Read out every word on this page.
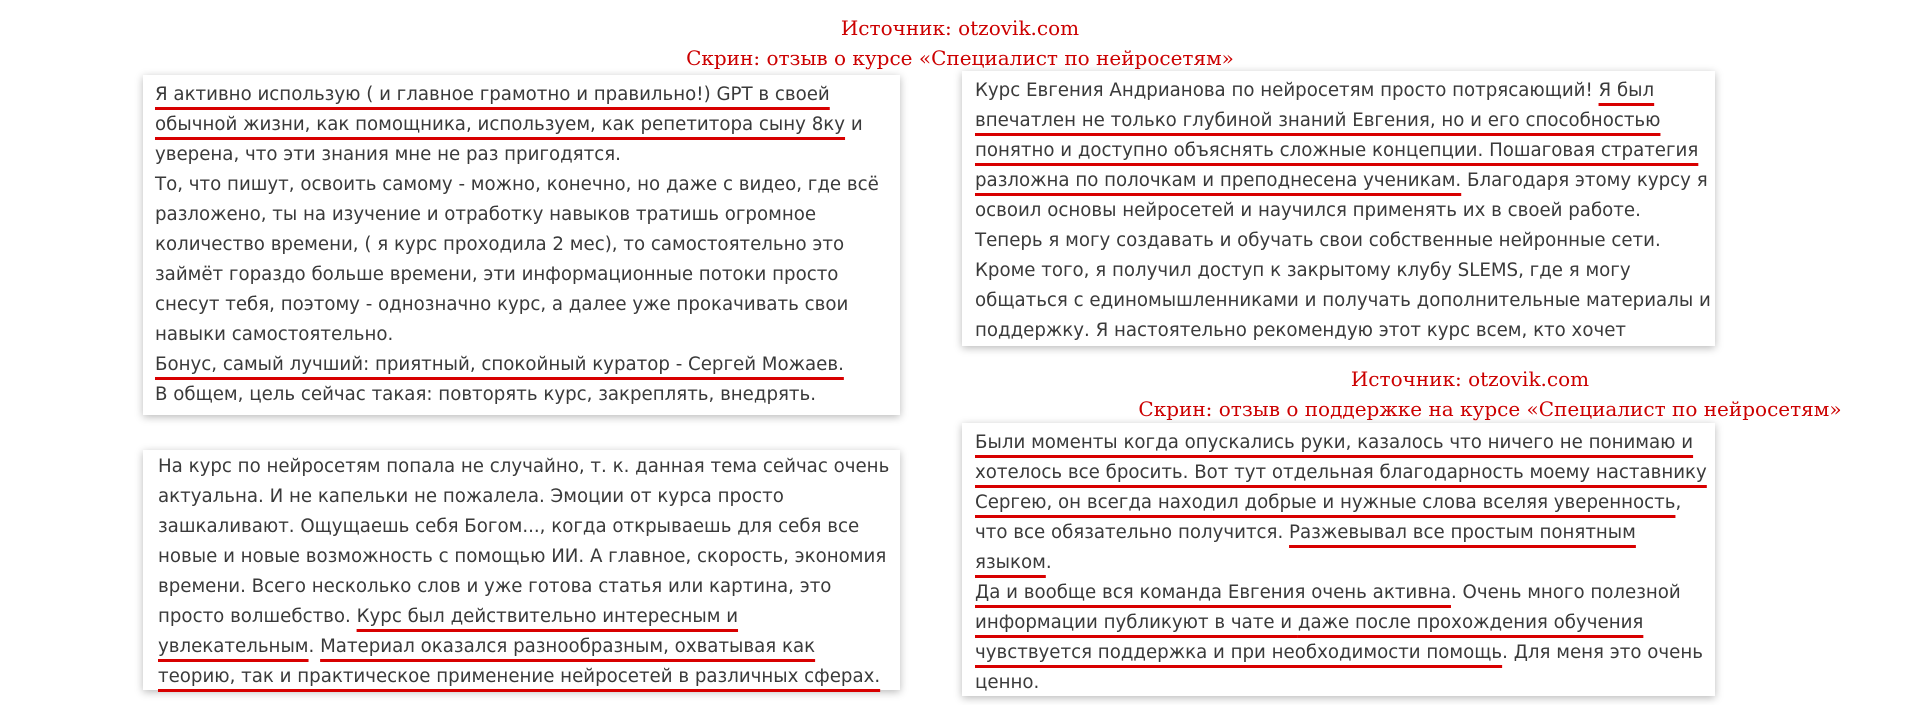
Источник: otzovik.com
Скрин: отзыв о курсе «Специалист по нейросетям»
Источник: otzovik.com
Скрин: отзыв о поддержке на курсе «Специалист по нейросетям»

Я активно использую ( и главное грамотно и правильно!) GPT в своей

обычной жизни, как помощника, используем, как репетитора сыну 8ку и

уверена, что эти знания мне не раз пригодятся.

То, что пишут, освоить самому - можно, конечно, но даже с видео, где всё

разложено, ты на изучение и отработку навыков тратишь огромное

количество времени, ( я курс проходила 2 мес), то самостоятельно это

займёт гораздо больше времени, эти информационные потоки просто

снесут тебя, поэтому - однозначно курс, а далее уже прокачивать свои

навыки самостоятельно.

Бонус, самый лучший: приятный, спокойный куратор - Сергей Можаев.

В общем, цель сейчас такая: повторять курс, закреплять, внедрять.

На курс по нейросетям попала не случайно, т. к. данная тема сейчас очень

актуальна. И не капельки не пожалела. Эмоции от курса просто

зашкаливают. Ощущаешь себя Богом..., когда открываешь для себя все

новые и новые возможность с помощью ИИ. А главное, скорость, экономия

времени. Всего несколько слов и уже готова статья или картина, это

просто волшебство. Курс был действительно интересным и

увлекательным. Материал оказался разнообразным, охватывая как

теорию, так и практическое применение нейросетей в различных сферах.

Курс Евгения Андрианова по нейросетям просто потрясающий! Я был

впечатлен не только глубиной знаний Евгения, но и его способностью

понятно и доступно объяснять сложные концепции. Пошаговая стратегия

разложна по полочкам и преподнесена ученикам. Благодаря этому курсу я

освоил основы нейросетей и научился применять их в своей работе.

Теперь я могу создавать и обучать свои собственные нейронные сети.

Кроме того, я получил доступ к закрытому клубу SLEMS, где я могу

общаться с единомышленниками и получать дополнительные материалы и

поддержку. Я настоятельно рекомендую этот курс всем, кто хочет

Были моменты когда опускались руки, казалось что ничего не понимаю и

хотелось все бросить. Вот тут отдельная благодарность моему наставнику

Сергею, он всегда находил добрые и нужные слова вселяя уверенность,

что все обязательно получится. Разжевывал все простым понятным

языком.

Да и вообще вся команда Евгения очень активна. Очень много полезной

информации публикуют в чате и даже после прохождения обучения

чувствуется поддержка и при необходимости помощь. Для меня это очень

ценно.
